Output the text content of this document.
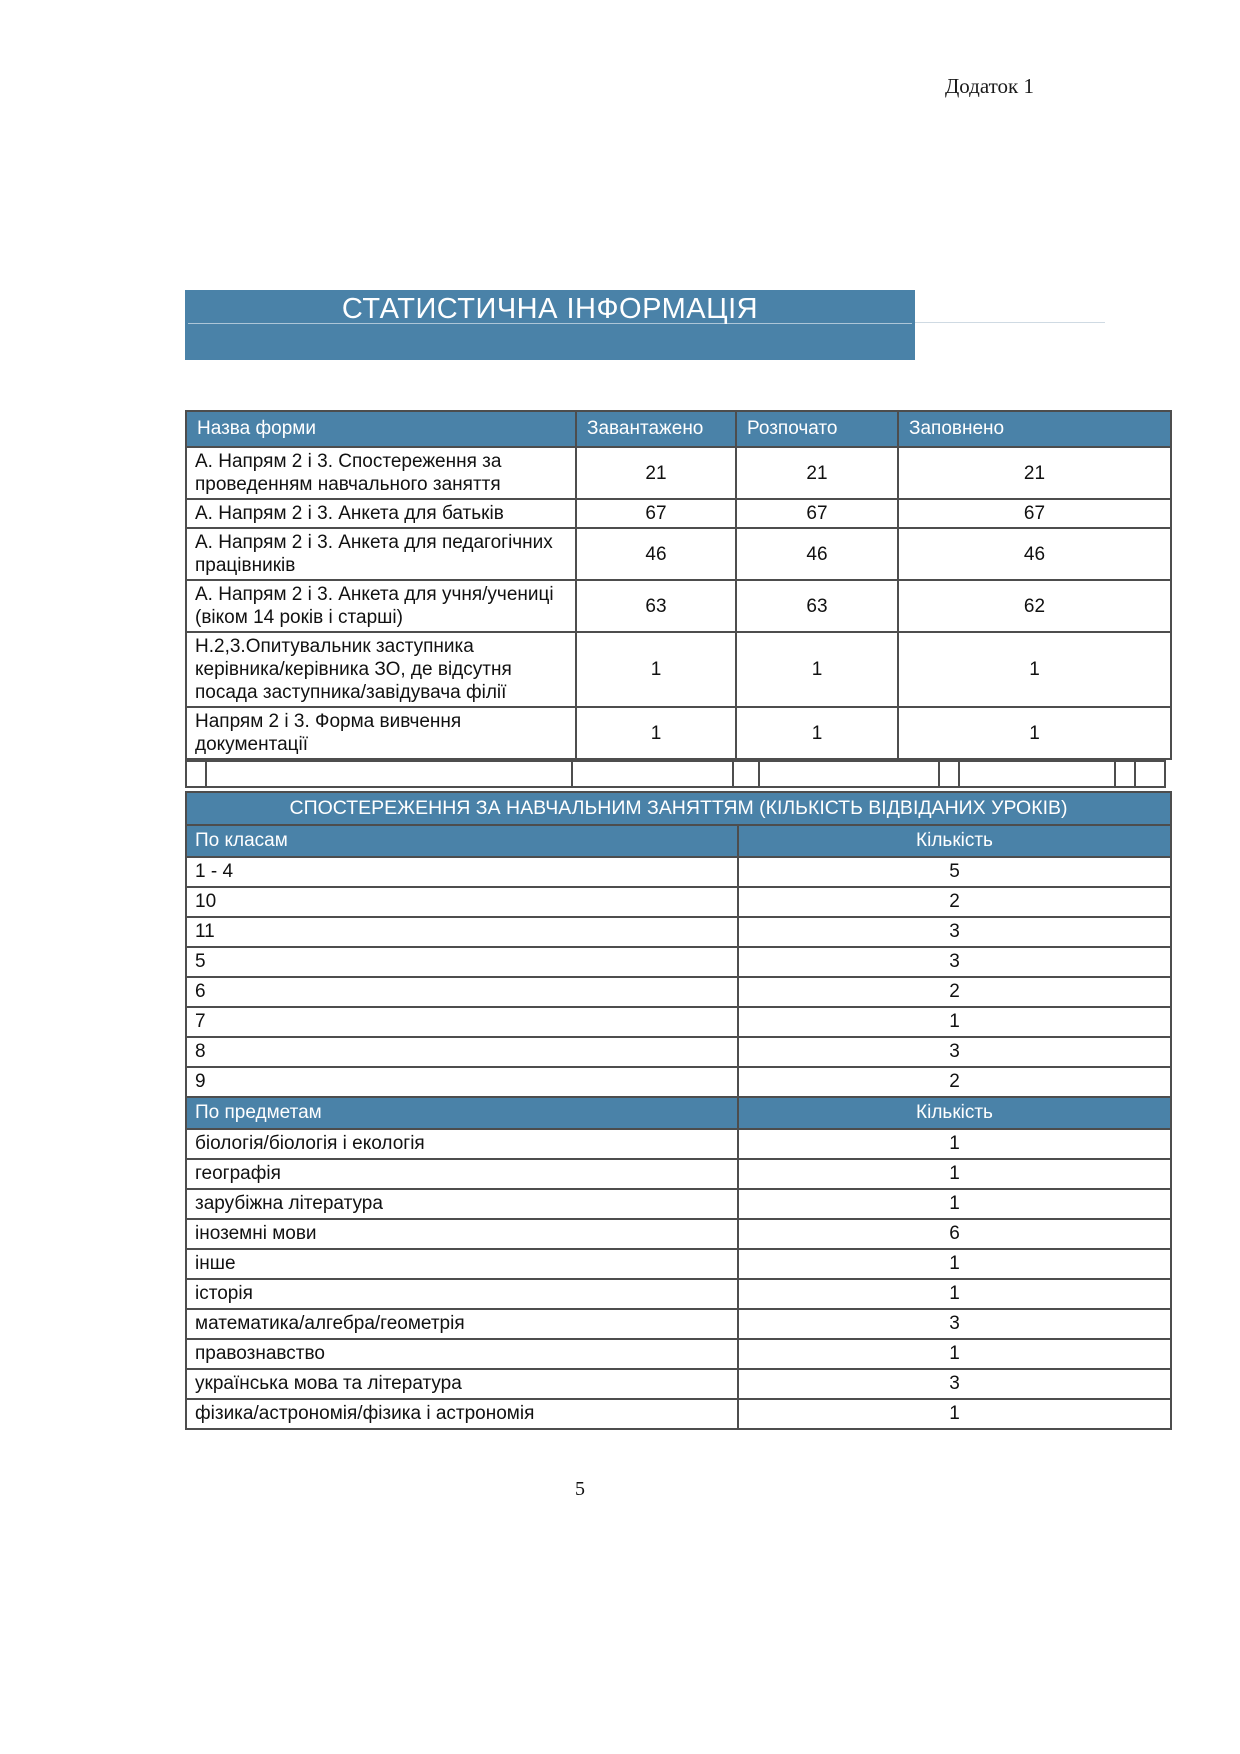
Додаток 1
СТАТИСТИЧНА ІНФОРМАЦІЯ
Назва форми	Завантажено	Розпочато	Заповнено
А. Напрям 2 і 3. Спостереження за проведенням навчального заняття	21	21	21
А. Напрям 2 і 3. Анкета для батьків	67	67	67
А. Напрям 2 і 3. Анкета для педагогічних працівників	46	46	46
А. Напрям 2 і 3. Анкета для учня/учениці (віком 14 років і старші)	63	63	62
Н.2,3.Опитувальник заступника керівника/керівника ЗО, де відсутня посада заступника/завідувача філії	1	1	1
Напрям 2 і 3. Форма вивчення документації	1	1	1
СПОСТЕРЕЖЕННЯ ЗА НАВЧАЛЬНИМ ЗАНЯТТЯМ (КІЛЬКІСТЬ ВІДВІДАНИХ УРОКІВ)	
По класам	Кількість
1 - 4	5
10	2
11	3
5	3
6	2
7	1
8	3
9	2
По предметам	Кількість
біологія/біологія і екологія	1
географія	1
зарубіжна література	1
іноземні мови	6
інше	1
історія	1
математика/алгебра/геометрія	3
правознавство	1
українська мова та література	3
фізика/астрономія/фізика і астрономія	1
5
